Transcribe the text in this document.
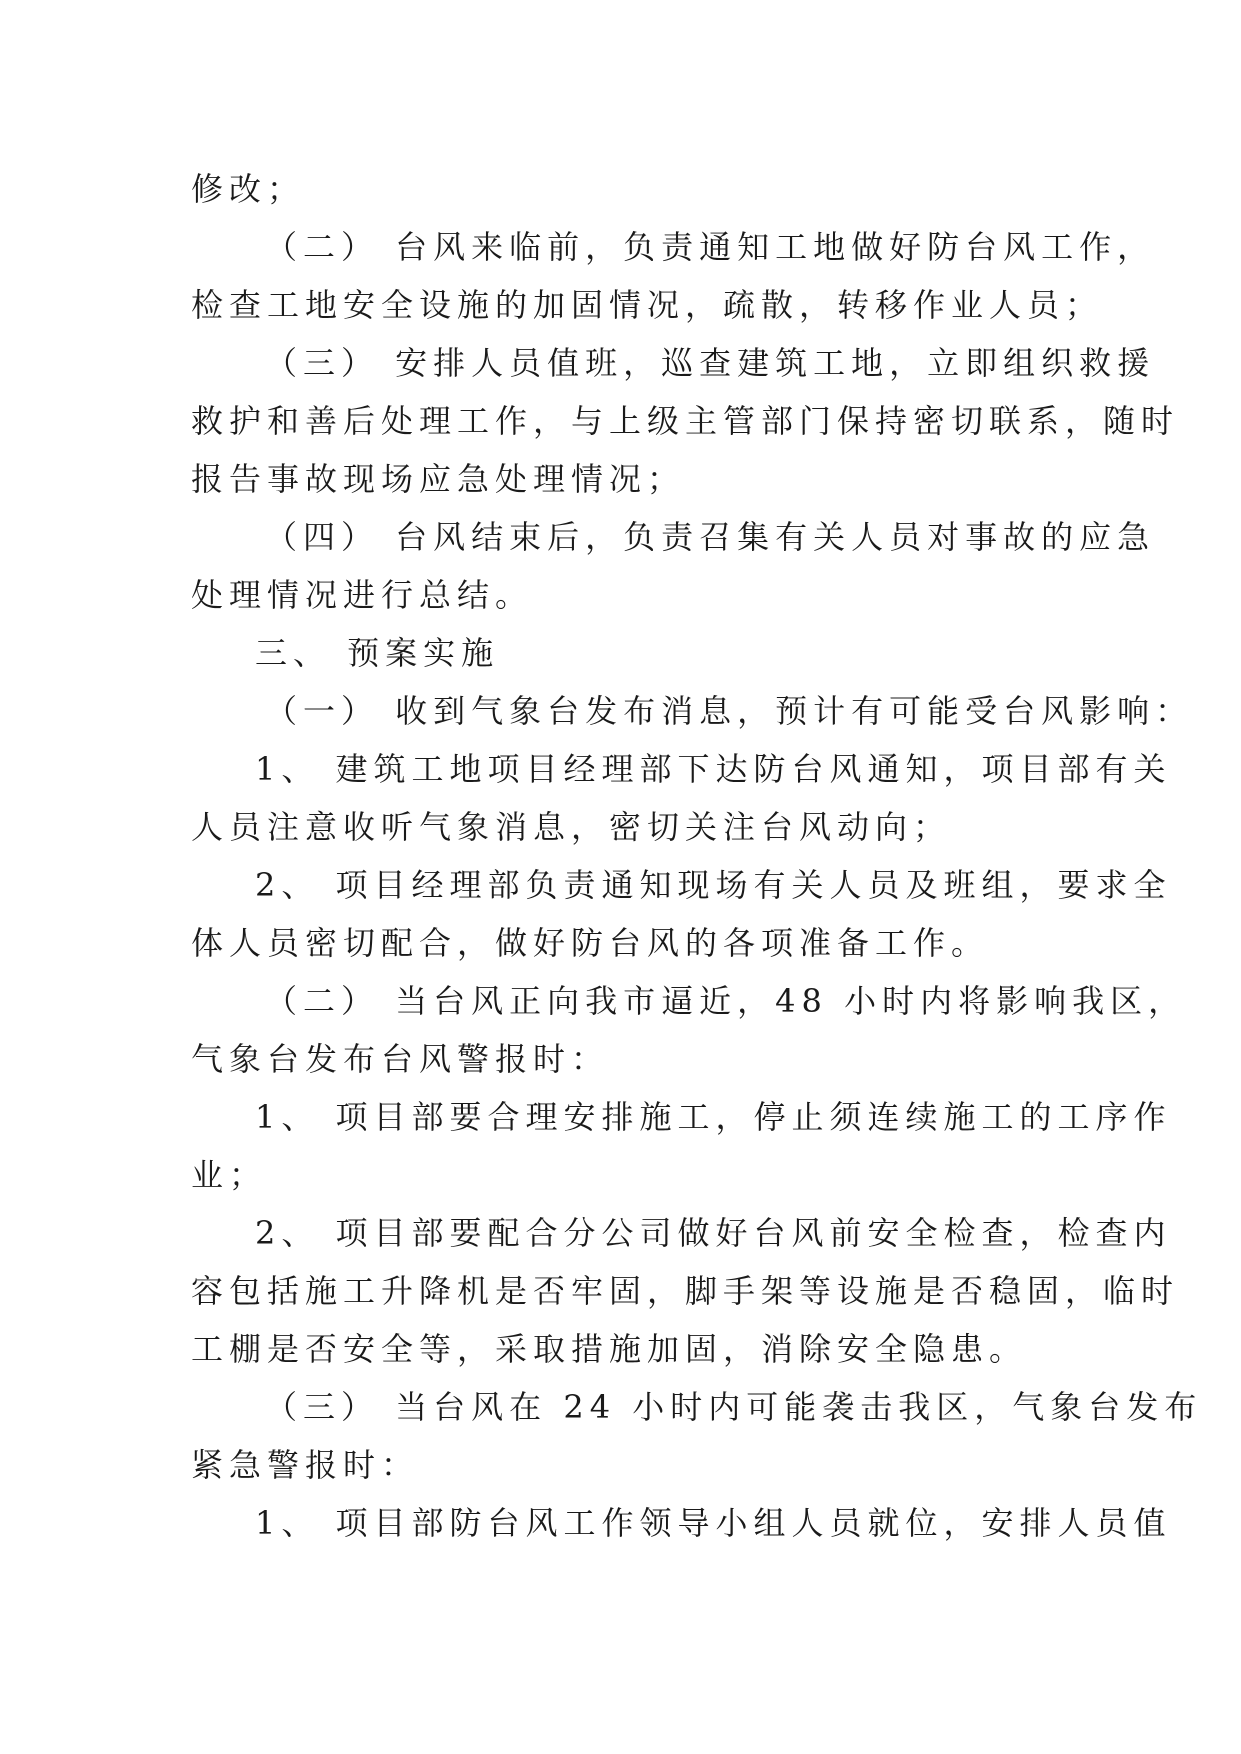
修改；
（二） 台风来临前，负责通知工地做好防台风工作，
检查工地安全设施的加固情况，疏散，转移作业人员；
（三） 安排人员值班，巡查建筑工地，立即组织救援
救护和善后处理工作，与上级主管部门保持密切联系，随时
报告事故现场应急处理情况；
（四） 台风结束后，负责召集有关人员对事故的应急
处理情况进行总结。
三、 预案实施
（一） 收到气象台发布消息，预计有可能受台风影响：
1、 建筑工地项目经理部下达防台风通知，项目部有关
人员注意收听气象消息，密切关注台风动向；
2、 项目经理部负责通知现场有关人员及班组，要求全
体人员密切配合，做好防台风的各项准备工作。
（二） 当台风正向我市逼近，48 小时内将影响我区，
气象台发布台风警报时：
1、 项目部要合理安排施工，停止须连续施工的工序作
业；
2、 项目部要配合分公司做好台风前安全检查，检查内
容包括施工升降机是否牢固，脚手架等设施是否稳固，临时
工棚是否安全等，采取措施加固，消除安全隐患。
（三） 当台风在 24 小时内可能袭击我区，气象台发布
紧急警报时：
1、 项目部防台风工作领导小组人员就位，安排人员值
